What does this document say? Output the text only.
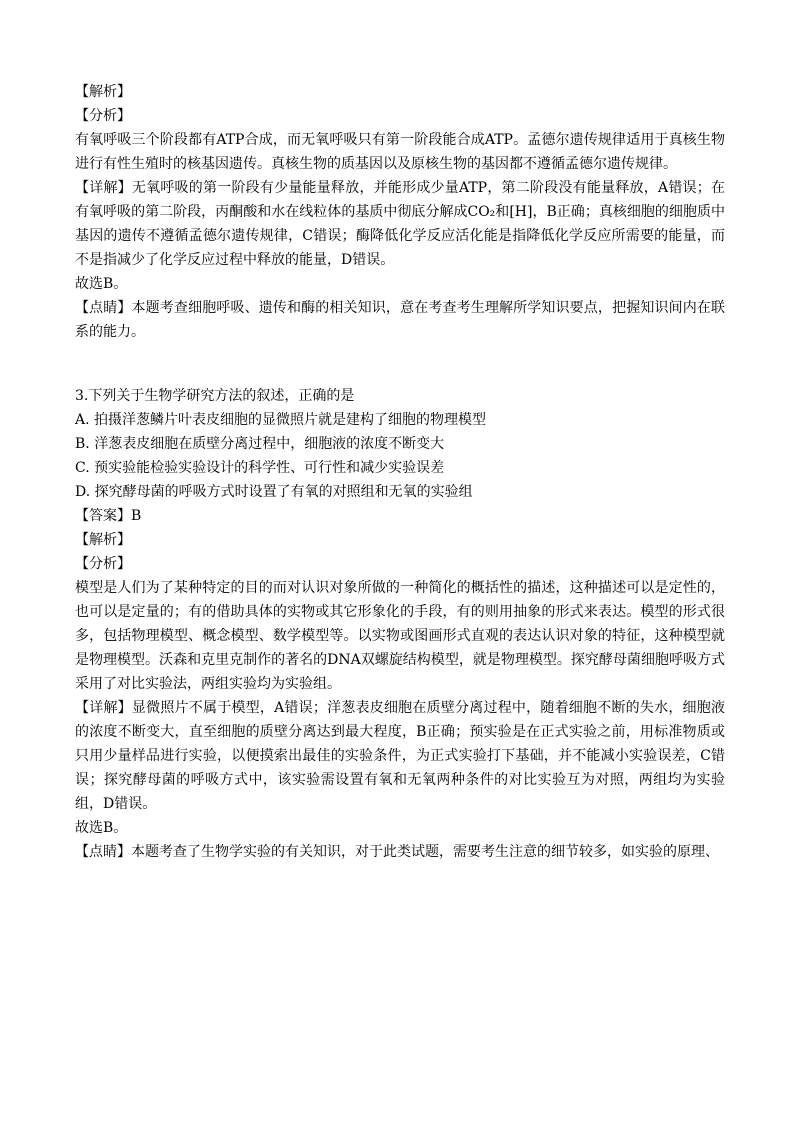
【解析】
【分析】

有氧呼吸三个阶段都有ATP合成，而无氧呼吸只有第一阶段能合成ATP。孟德尔遗传规律适用于真核生物进行有性生殖时的核基因遗传。真核生物的质基因以及原核生物的基因都不遵循孟德尔遗传规律。

【详解】无氧呼吸的第一阶段有少量能量释放，并能形成少量ATP，第二阶段没有能量释放，A错误；在有氧呼吸的第二阶段，丙酮酸和水在线粒体的基质中彻底分解成CO₂和[H]，B正确；真核细胞的细胞质中基因的遗传不遵循孟德尔遗传规律，C错误；酶降低化学反应活化能是指降低化学反应所需要的能量，而不是指减少了化学反应过程中释放的能量，D错误。

故选B。

【点睛】本题考查细胞呼吸、遗传和酶的相关知识，意在考查考生理解所学知识要点，把握知识间内在联系的能力。

3.下列关于生物学研究方法的叙述，正确的是
A. 拍摄洋葱鳞片叶表皮细胞的显微照片就是建构了细胞的物理模型
B. 洋葱表皮细胞在质壁分离过程中，细胞液的浓度不断变大
C. 预实验能检验实验设计的科学性、可行性和减少实验误差
D. 探究酵母菌的呼吸方式时设置了有氧的对照组和无氧的实验组
【答案】B
【解析】
【分析】

模型是人们为了某种特定的目的而对认识对象所做的一种简化的概括性的描述，这种描述可以是定性的，也可以是定量的；有的借助具体的实物或其它形象化的手段，有的则用抽象的形式来表达。模型的形式很多，包括物理模型、概念模型、数学模型等。以实物或图画形式直观的表达认识对象的特征，这种模型就是物理模型。沃森和克里克制作的著名的DNA双螺旋结构模型，就是物理模型。探究酵母菌细胞呼吸方式采用了对比实验法，两组实验均为实验组。

【详解】显微照片不属于模型，A错误；洋葱表皮细胞在质壁分离过程中，随着细胞不断的失水，细胞液的浓度不断变大，直至细胞的质壁分离达到最大程度，B正确；预实验是在正式实验之前，用标准物质或只用少量样品进行实验，以便摸索出最佳的实验条件，为正式实验打下基础，并不能减小实验误差，C错误；探究酵母菌的呼吸方式中，该实验需设置有氧和无氧两种条件的对比实验互为对照，两组均为实验组，D错误。

故选B。

【点睛】本题考查了生物学实验的有关知识，对于此类试题，需要考生注意的细节较多，如实验的原理、
